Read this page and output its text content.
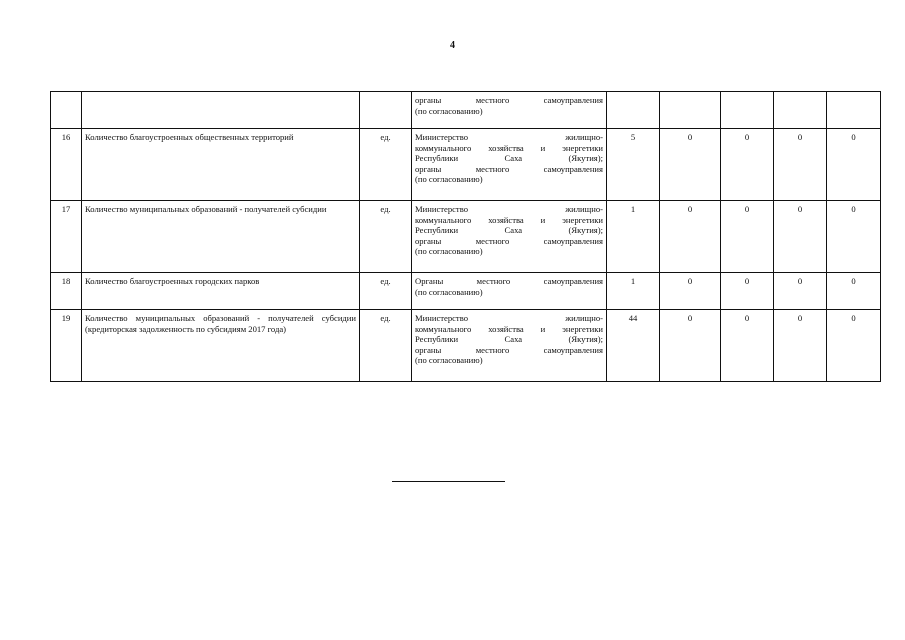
4

			органы местного самоуправления
(по согласованию)					

16	Количество благоустроенных общественных территорий	ед.	Министерство жилищно-
коммунального хозяйства и энергетики
Республики Саха (Якутия);
органы местного самоуправления
(по согласованию)	5	0	0	0	0
17	Количество муниципальных образований - получателей субсидии	ед.	Министерство жилищно-
коммунального хозяйства и энергетики
Республики Саха (Якутия);
органы местного самоуправления
(по согласованию)	1	0	0	0	0
18	Количество благоустроенных городских парков	ед.	Органы местного самоуправления
(по согласованию)	1	0	0	0	0
19	Количество муниципальных образований - получателей субсидии (кредиторская задолженность по субсидиям 2017 года)	ед.	Министерство жилищно-
коммунального хозяйства и энергетики
Республики Саха (Якутия);
органы местного самоуправления
(по согласованию)	44	0	0	0	0
